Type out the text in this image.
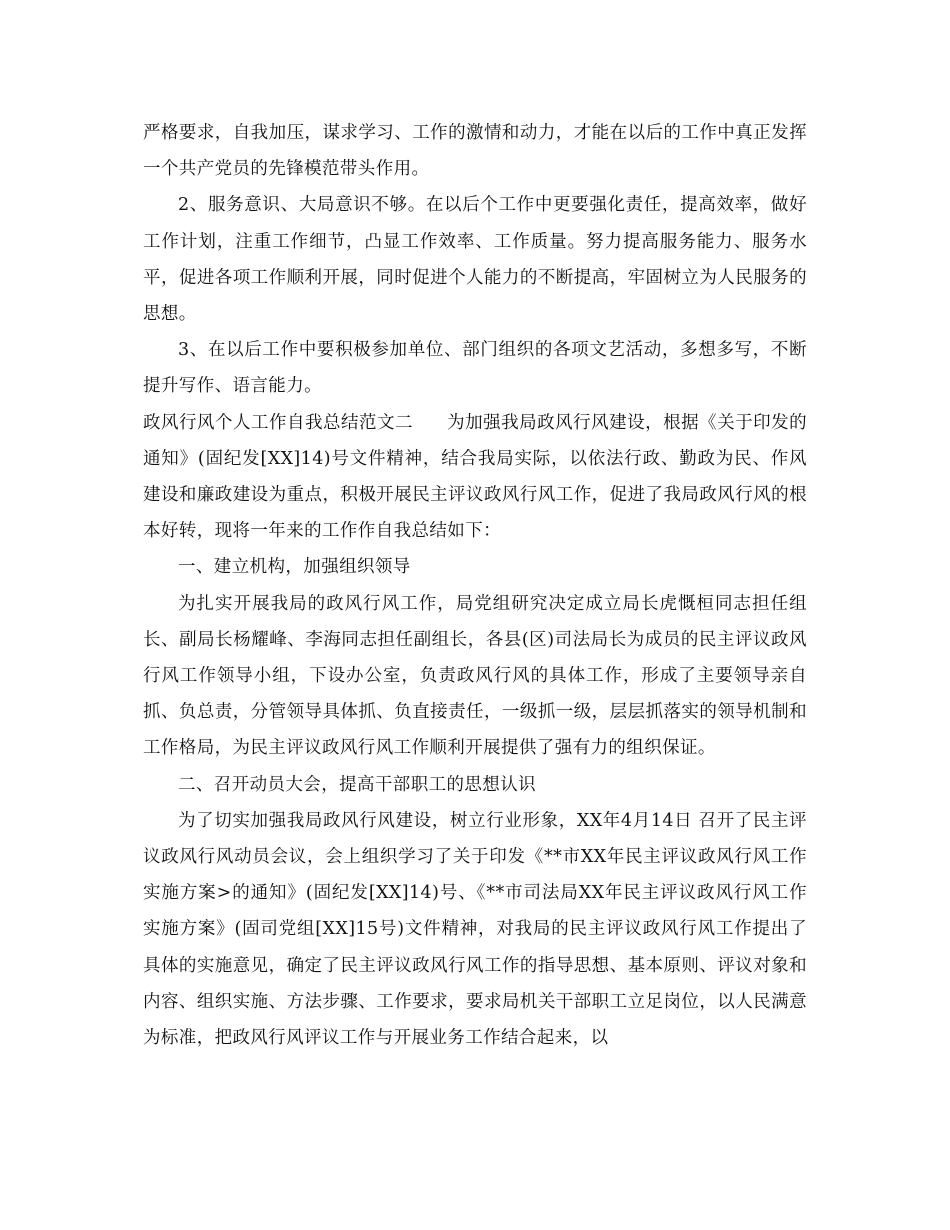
严格要求，自我加压，谋求学习、工作的激情和动力，才能在以后的工作中真正发挥一个共产党员的先锋模范带头作用。

2、服务意识、大局意识不够。在以后个工作中更要强化责任，提高效率，做好工作计划，注重工作细节，凸显工作效率、工作质量。努力提高服务能力、服务水平，促进各项工作顺利开展，同时促进个人能力的不断提高，牢固树立为人民服务的思想。

3、在以后工作中要积极参加单位、部门组织的各项文艺活动，多想多写，不断提升写作、语言能力。

政风行风个人工作自我总结范文二 为加强我局政风行风建设，根据《关于印发的通知》(固纪发[XX]14)号文件精神，结合我局实际，以依法行政、勤政为民、作风建设和廉政建设为重点，积极开展民主评议政风行风工作，促进了我局政风行风的根本好转，现将一年来的工作作自我总结如下：

一、建立机构，加强组织领导

为扎实开展我局的政风行风工作，局党组研究决定成立局长虎慨桓同志担任组长、副局长杨耀峰、李海同志担任副组长，各县(区)司法局长为成员的民主评议政风行风工作领导小组，下设办公室，负责政风行风的具体工作，形成了主要领导亲自抓、负总责，分管领导具体抓、负直接责任，一级抓一级，层层抓落实的领导机制和工作格局，为民主评议政风行风工作顺利开展提供了强有力的组织保证。

二、召开动员大会，提高干部职工的思想认识

为了切实加强我局政风行风建设，树立行业形象，XX年4月14日 召开了民主评议政风行风动员会议，会上组织学习了关于印发《**市XX年民主评议政风行风工作实施方案>的通知》(固纪发[XX]14)号、《**市司法局XX年民主评议政风行风工作实施方案》(固司党组[XX]15号)文件精神，对我局的民主评议政风行风工作提出了具体的实施意见，确定了民主评议政风行风工作的指导思想、基本原则、评议对象和内容、组织实施、方法步骤、工作要求，要求局机关干部职工立足岗位，以人民满意为标准，把政风行风评议工作与开展业务工作结合起来，以
